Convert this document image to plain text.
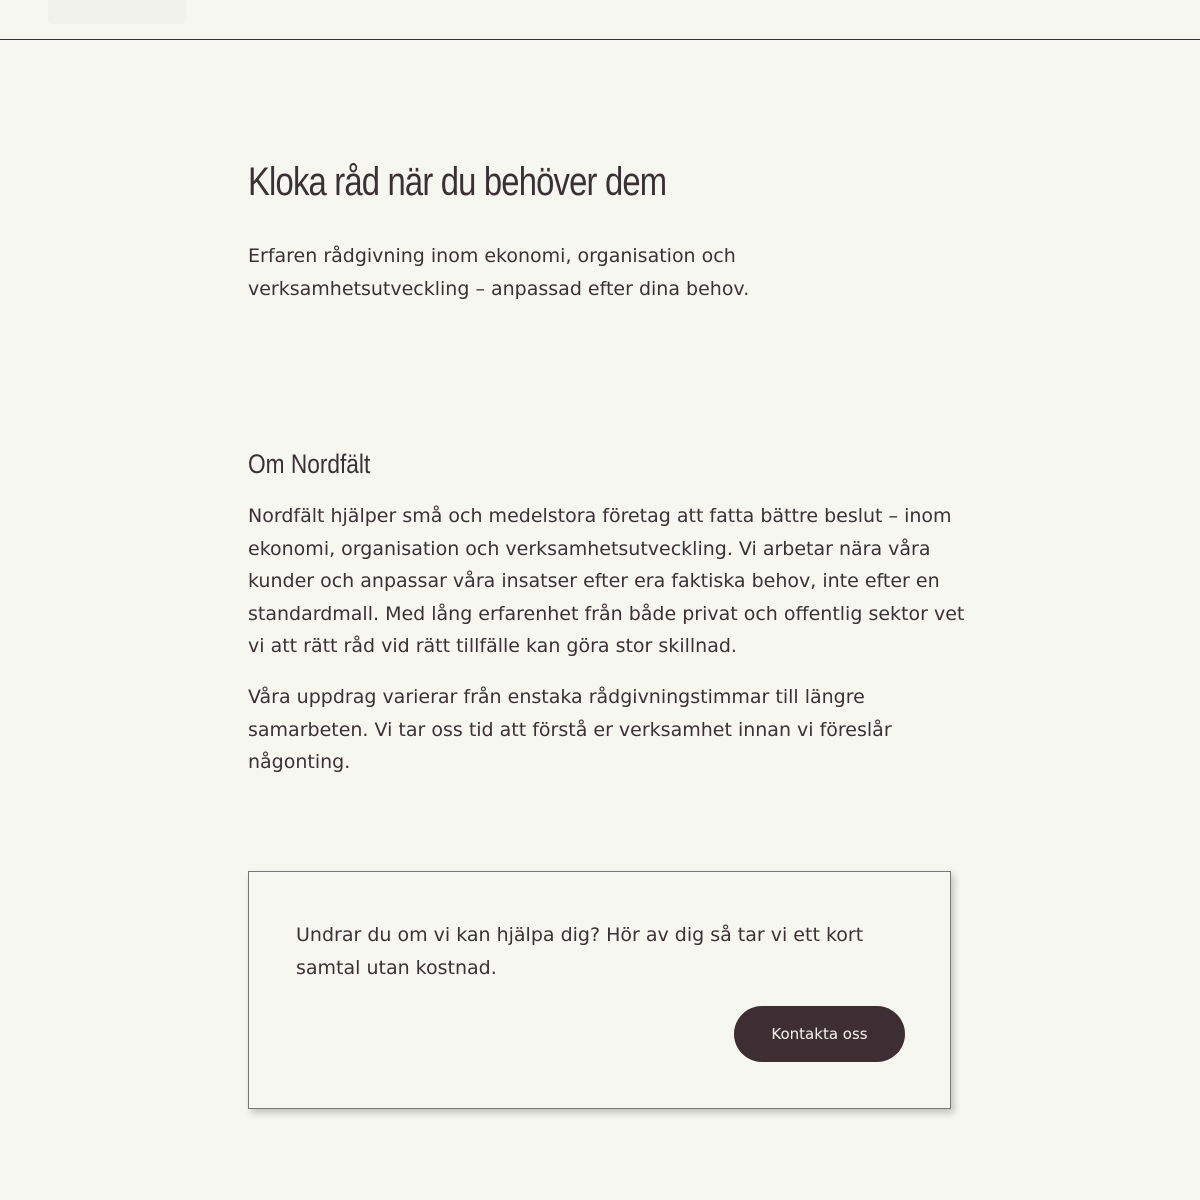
Kloka råd när du behöver dem

Erfaren rådgivning inom ekonomi, organisation och verksamhetsutveckling – anpassad efter dina behov.

Om Nordfält

Nordfält hjälper små och medelstora företag att fatta bättre beslut – inom ekonomi, organisation och verksamhetsutveckling. Vi arbetar nära våra kunder och anpassar våra insatser efter era faktiska behov, inte efter en standardmall. Med lång erfarenhet från både privat och offentlig sektor vet vi att rätt råd vid rätt tillfälle kan göra stor skillnad.

Våra uppdrag varierar från enstaka rådgivningstimmar till längre samarbeten. Vi tar oss tid att förstå er verksamhet innan vi föreslår någonting.

Undrar du om vi kan hjälpa dig? Hör av dig så tar vi ett kort samtal utan kostnad.

Kontakta oss
